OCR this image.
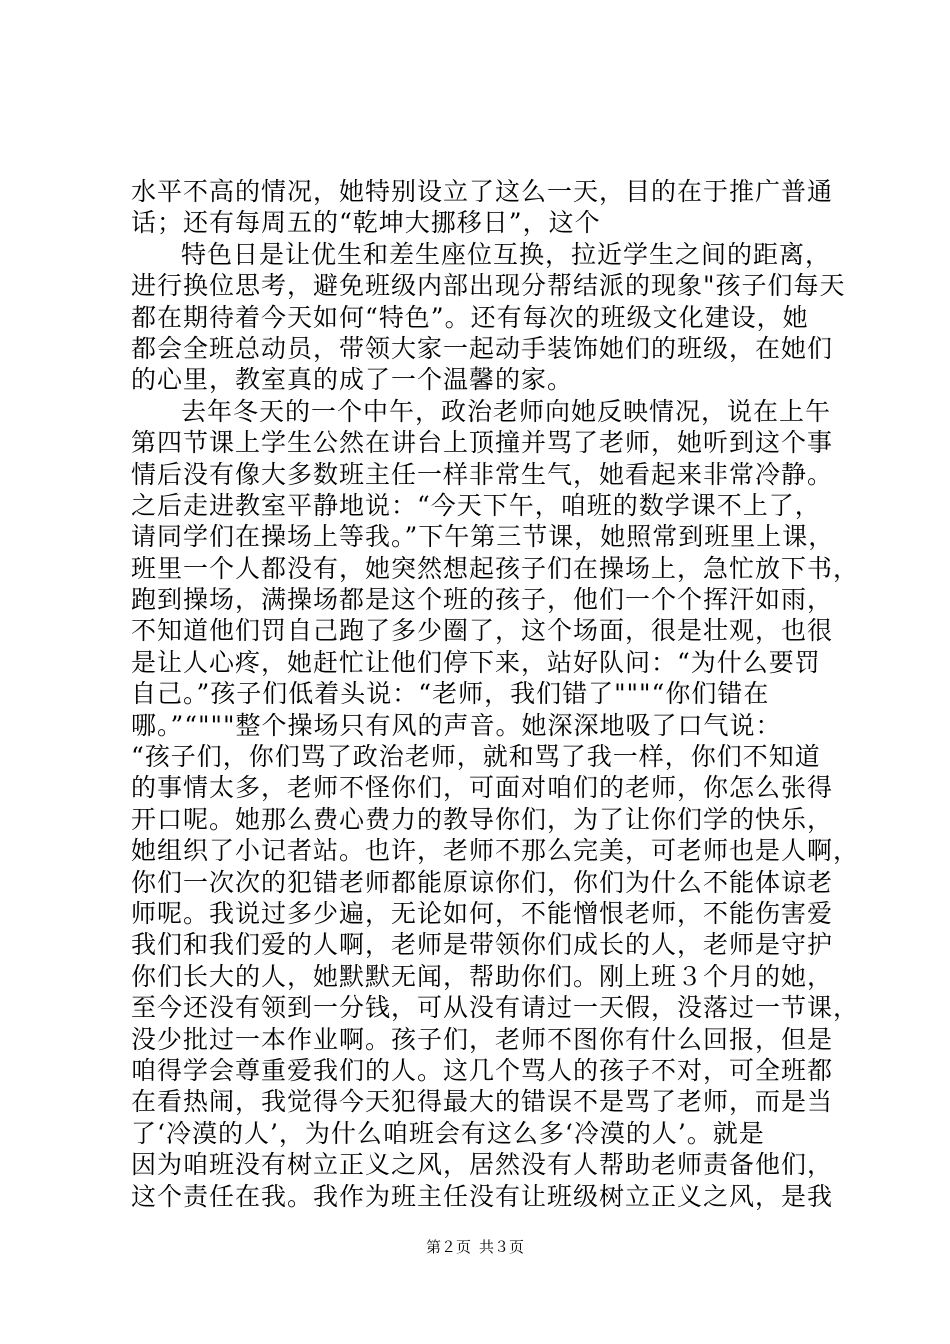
水平不高的情况，她特别设立了这么一天，目的在于推广普通
话；还有每周五的“乾坤大挪移日”，这个
特色日是让优生和差生座位互换，拉近学生之间的距离，
进行换位思考，避免班级内部出现分帮结派的现象"孩子们每天
都在期待着今天如何“特色”。还有每次的班级文化建设，她
都会全班总动员，带领大家一起动手装饰她们的班级，在她们
的心里，教室真的成了一个温馨的家。
去年冬天的一个中午，政治老师向她反映情况，说在上午
第四节课上学生公然在讲台上顶撞并骂了老师，她听到这个事
情后没有像大多数班主任一样非常生气，她看起来非常冷静。
之后走进教室平静地说：“今天下午，咱班的数学课不上了，
请同学们在操场上等我。”下午第三节课，她照常到班里上课，
班里一个人都没有，她突然想起孩子们在操场上，急忙放下书，
跑到操场，满操场都是这个班的孩子，他们一个个挥汗如雨，
不知道他们罚自己跑了多少圈了，这个场面，很是壮观，也很
是让人心疼，她赶忙让他们停下来，站好队问：“为什么要罚
自己。”孩子们低着头说：“老师，我们错了"""“你们错在
哪。”“"""整个操场只有风的声音。她深深地吸了口气说：
“孩子们，你们骂了政治老师，就和骂了我一样，你们不知道
的事情太多，老师不怪你们，可面对咱们的老师，你怎么张得
开口呢。她那么费心费力的教导你们，为了让你们学的快乐，
她组织了小记者站。也许，老师不那么完美，可老师也是人啊，
你们一次次的犯错老师都能原谅你们，你们为什么不能体谅老
师呢。我说过多少遍，无论如何，不能憎恨老师，不能伤害爱
我们和我们爱的人啊，老师是带领你们成长的人，老师是守护
你们长大的人，她默默无闻，帮助你们。刚上班３个月的她，
至今还没有领到一分钱，可从没有请过一天假，没落过一节课，
没少批过一本作业啊。孩子们，老师不图你有什么回报，但是
咱得学会尊重爱我们的人。这几个骂人的孩子不对，可全班都
在看热闹，我觉得今天犯得最大的错误不是骂了老师，而是当
了‘冷漠的人’，为什么咱班会有这么多‘冷漠的人’。就是
因为咱班没有树立正义之风，居然没有人帮助老师责备他们，
这个责任在我。我作为班主任没有让班级树立正义之风，是我
第２页 共３页
